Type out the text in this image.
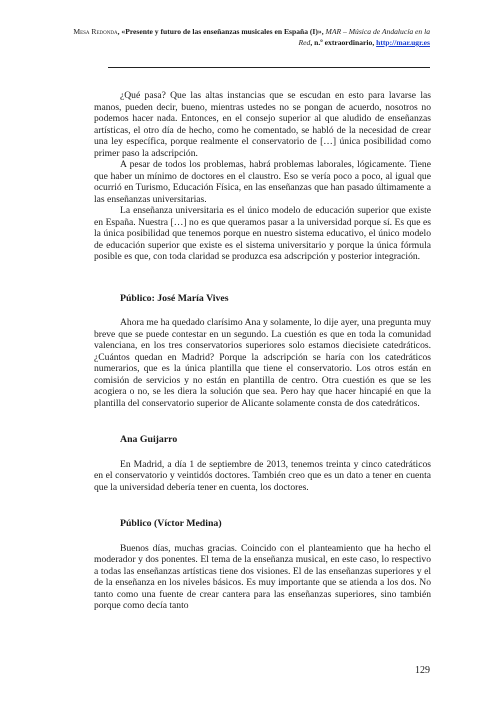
Mesa Redonda, «Presente y futuro de las enseñanzas musicales en España (I)», MAR – Música de Andalucía en la Red, n.º extraordinario, http://mar.ugr.es

¿Qué pasa? Que las altas instancias que se escudan en esto para lavarse las manos, pueden decir, bueno, mientras ustedes no se pongan de acuerdo, nosotros no podemos hacer nada. Entonces, en el consejo superior al que aludido de enseñanzas artísticas, el otro día de hecho, como he comentado, se habló de la necesidad de crear una ley específica, porque realmente el conservatorio de […] única posibilidad como primer paso la adscripción.

A pesar de todos los problemas, habrá problemas laborales, lógicamente. Tiene que haber un mínimo de doctores en el claustro. Eso se vería poco a poco, al igual que ocurrió en Turismo, Educación Física, en las enseñanzas que han pasado últimamente a las enseñanzas universitarias.

La enseñanza universitaria es el único modelo de educación superior que existe en España. Nuestra […] no es que queramos pasar a la universidad porque sí. Es que es la única posibilidad que tenemos porque en nuestro sistema educativo, el único modelo de educación superior que existe es el sistema universitario y porque la única fórmula posible es que, con toda claridad se produzca esa adscripción y posterior integración.

Público: José María Vives

Ahora me ha quedado clarísimo Ana y solamente, lo dije ayer, una pregunta muy breve que se puede contestar en un segundo. La cuestión es que en toda la comunidad valenciana, en los tres conservatorios superiores solo estamos diecisiete catedráticos. ¿Cuántos quedan en Madrid? Porque la adscripción se haría con los catedráticos numerarios, que es la única plantilla que tiene el conservatorio. Los otros están en comisión de servicios y no están en plantilla de centro. Otra cuestión es que se les acogiera o no, se les diera la solución que sea. Pero hay que hacer hincapié en que la plantilla del conservatorio superior de Alicante solamente consta de dos catedráticos.

Ana Guijarro

En Madrid, a día 1 de septiembre de 2013, tenemos treinta y cinco catedráticos en el conservatorio y veintidós doctores. También creo que es un dato a tener en cuenta que la universidad debería tener en cuenta, los doctores.

Público (Víctor Medina)

Buenos días, muchas gracias. Coincido con el planteamiento que ha hecho el moderador y dos ponentes. El tema de la enseñanza musical, en este caso, lo respectivo a todas las enseñanzas artísticas tiene dos visiones. El de las enseñanzas superiores y el de la enseñanza en los niveles básicos. Es muy importante que se atienda a los dos. No tanto como una fuente de crear cantera para las enseñanzas superiores, sino también porque como decía tanto

129
